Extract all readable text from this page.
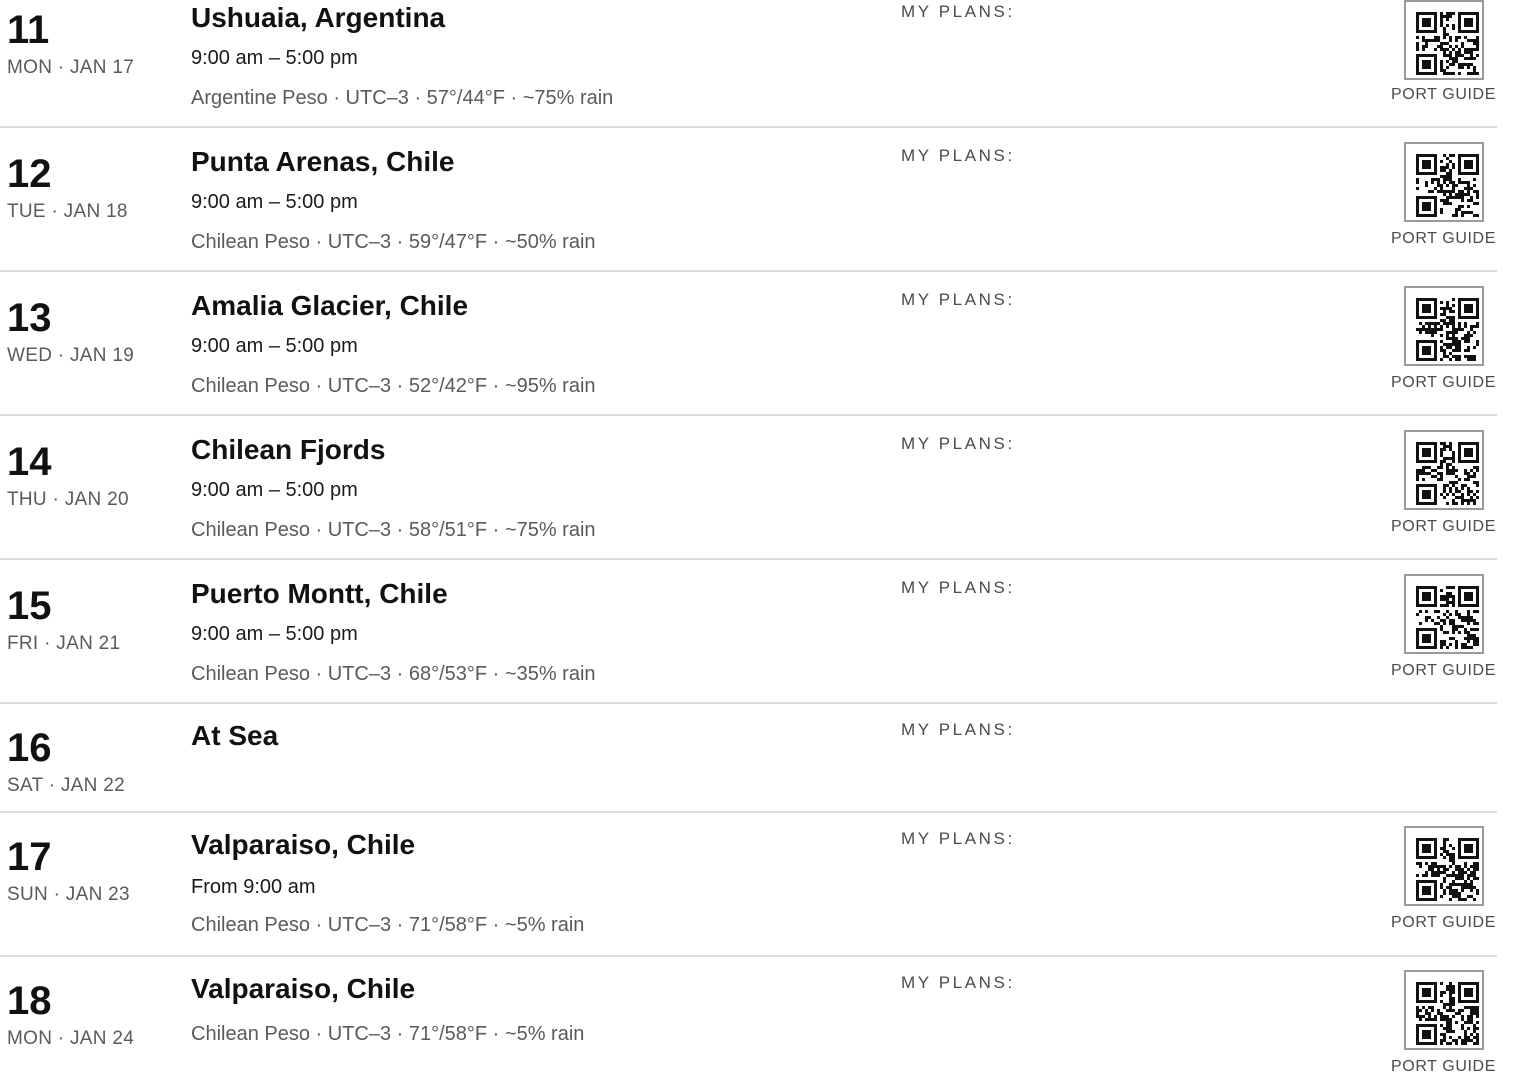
11
MON · JAN 17
Ushuaia, Argentina
9:00 am – 5:00 pm
Argentine Peso · UTC–3 · 57°/44°F · ~75% rain
MY PLANS:
PORT GUIDE
12
TUE · JAN 18
Punta Arenas, Chile
9:00 am – 5:00 pm
Chilean Peso · UTC–3 · 59°/47°F · ~50% rain
MY PLANS:
PORT GUIDE
13
WED · JAN 19
Amalia Glacier, Chile
9:00 am – 5:00 pm
Chilean Peso · UTC–3 · 52°/42°F · ~95% rain
MY PLANS:
PORT GUIDE
14
THU · JAN 20
Chilean Fjords
9:00 am – 5:00 pm
Chilean Peso · UTC–3 · 58°/51°F · ~75% rain
MY PLANS:
PORT GUIDE
15
FRI · JAN 21
Puerto Montt, Chile
9:00 am – 5:00 pm
Chilean Peso · UTC–3 · 68°/53°F · ~35% rain
MY PLANS:
PORT GUIDE
16
SAT · JAN 22
At Sea	MY PLANS:
17
SUN · JAN 23
Valparaiso, Chile
From 9:00 am
Chilean Peso · UTC–3 · 71°/58°F · ~5% rain
MY PLANS:
PORT GUIDE
18
MON · JAN 24
Valparaiso, Chile
Chilean Peso · UTC–3 · 71°/58°F · ~5% rain
MY PLANS:
PORT GUIDE
